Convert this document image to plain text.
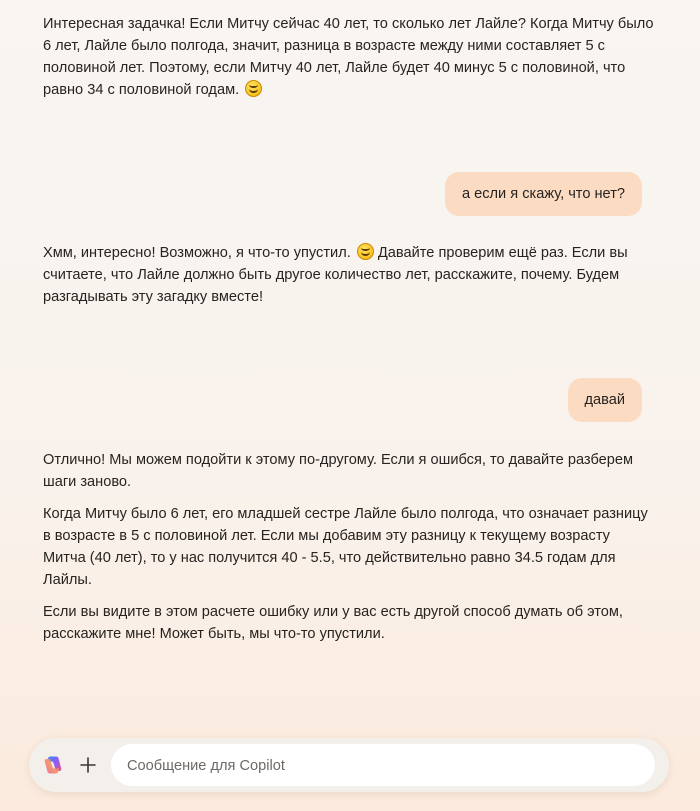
Интересная задачка! Если Митчу сейчас 40 лет, то сколько лет Лайле? Когда Митчу было 6 лет, Лайле было полгода, значит, разница в возрасте между ними составляет 5 с половиной лет. Поэтому, если Митчу 40 лет, Лайле будет 40 минус 5 с половиной, что равно 34 с половиной годам.

а если я скажу, что нет?

Хмм, интересно! Возможно, я что-то упустил. Давайте проверим ещё раз. Если вы считаете, что Лайле должно быть другое количество лет, расскажите, почему. Будем разгадывать эту загадку вместе!

давай

Отлично! Мы можем подойти к этому по-другому. Если я ошибся, то давайте разберем шаги заново.

Когда Митчу было 6 лет, его младшей сестре Лайле было полгода, что означает разницу в возрасте в 5 с половиной лет. Если мы добавим эту разницу к текущему возрасту Митча (40 лет), то у нас получится 40 - 5.5, что действительно равно 34.5 годам для Лайлы.

Если вы видите в этом расчете ошибку или у вас есть другой способ думать об этом, расскажите мне! Может быть, мы что-то упустили.

Сообщение для Copilot
